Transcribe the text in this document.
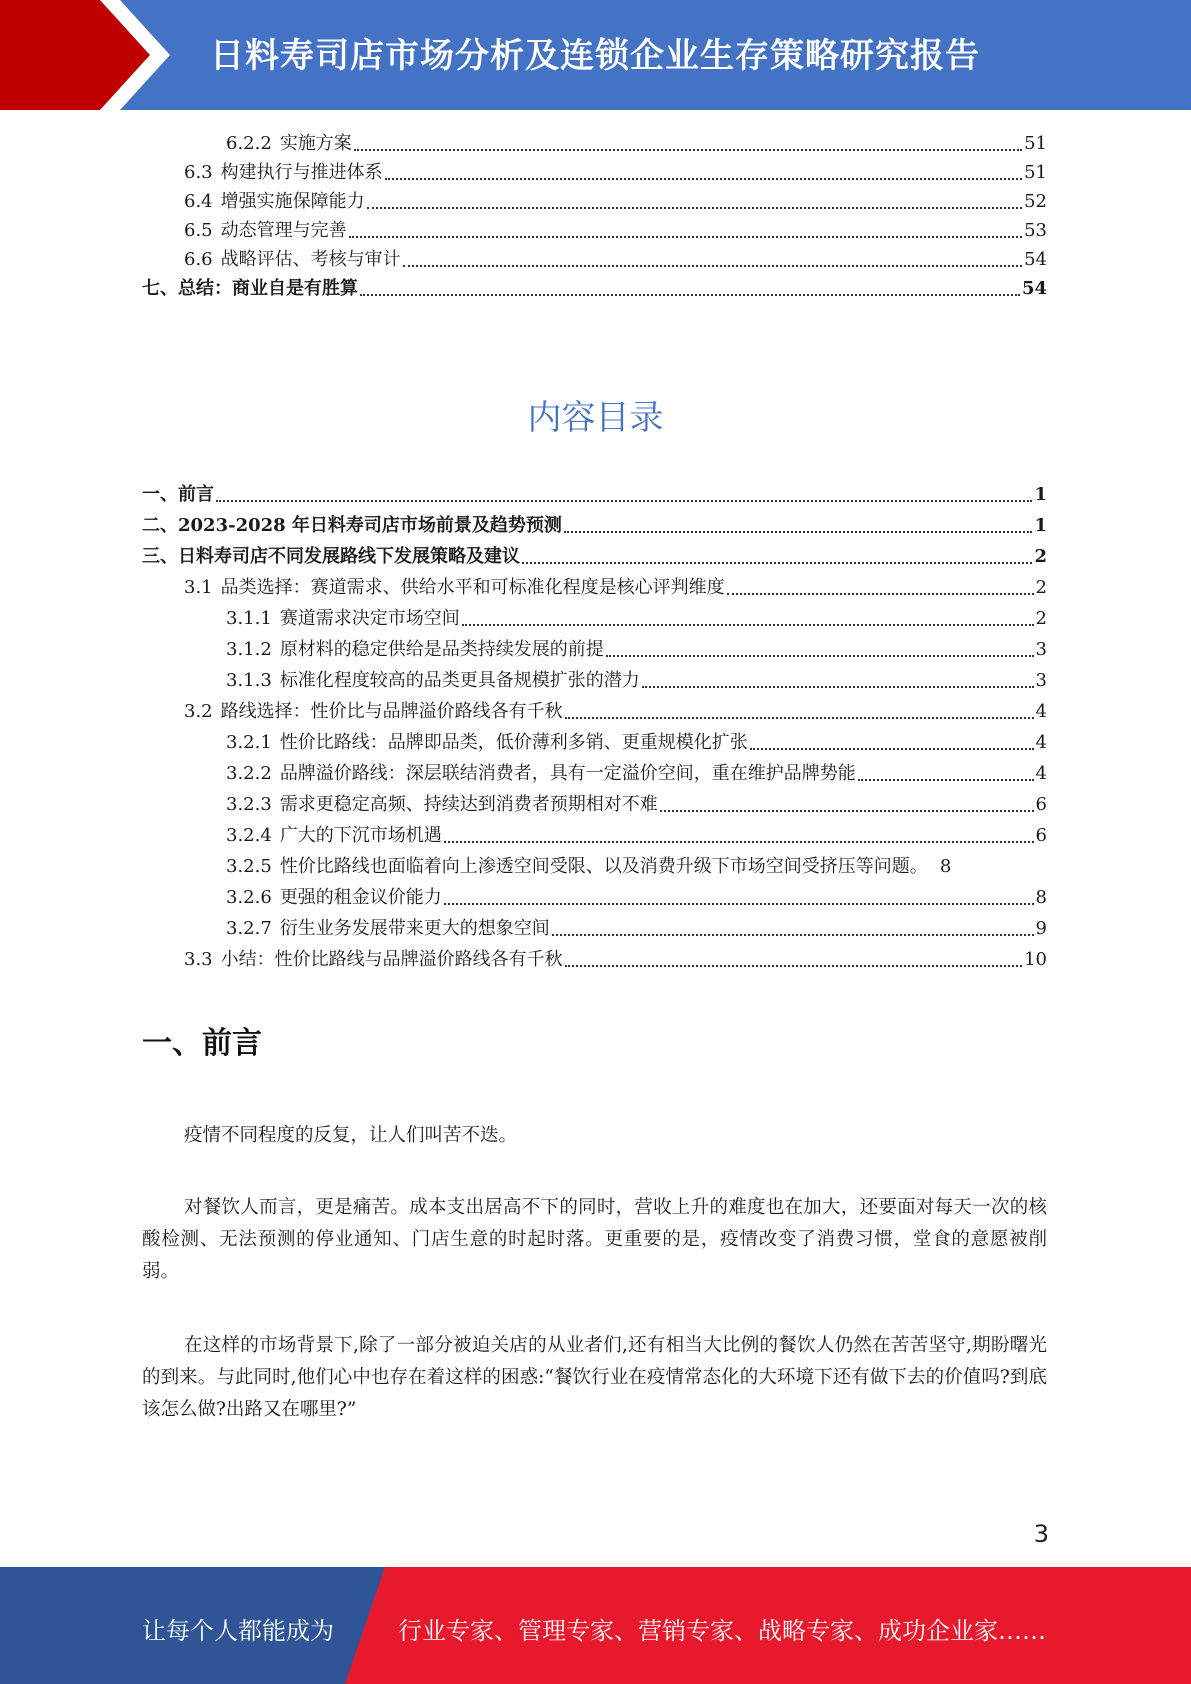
日料寿司店市场分析及连锁企业生存策略研究报告
6.2.2 实施方案	51
6.3 构建执行与推进体系	51
6.4 增强实施保障能力	52
6.5 动态管理与完善	53
6.6 战略评估、考核与审计	54
七、总结：商业自是有胜算	54
内容目录
一、前言	1
二、2023-2028 年日料寿司店市场前景及趋势预测	1
三、日料寿司店不同发展路线下发展策略及建议	2
3.1 品类选择：赛道需求、供给水平和可标准化程度是核心评判维度	2
3.1.1 赛道需求决定市场空间	2
3.1.2 原材料的稳定供给是品类持续发展的前提	3
3.1.3 标准化程度较高的品类更具备规模扩张的潜力	3
3.2 路线选择：性价比与品牌溢价路线各有千秋	4
3.2.1 性价比路线：品牌即品类，低价薄利多销、更重规模化扩张	4
3.2.2 品牌溢价路线：深层联结消费者，具有一定溢价空间，重在维护品牌势能	4
3.2.3 需求更稳定高频、持续达到消费者预期相对不难	6
3.2.4 广大的下沉市场机遇	6
3.2.5 性价比路线也面临着向上渗透空间受限、以及消费升级下市场空间受挤压等问题。 8
3.2.6 更强的租金议价能力	8
3.2.7 衍生业务发展带来更大的想象空间	9
3.3 小结：性价比路线与品牌溢价路线各有千秋	10
一、前言
疫情不同程度的反复，让人们叫苦不迭。
对餐饮人而言，更是痛苦。成本支出居高不下的同时，营收上升的难度也在加大，还要面对每天一次的核酸检测、无法预测的停业通知、门店生意的时起时落。更重要的是，疫情改变了消费习惯，堂食的意愿被削弱。
在这样的市场背景下,除了一部分被迫关店的从业者们,还有相当大比例的餐饮人仍然在苦苦坚守,期盼曙光的到来。与此同时,他们心中也存在着这样的困惑:“餐饮行业在疫情常态化的大环境下还有做下去的价值吗?到底该怎么做?出路又在哪里?”
3
让每个人都能成为	行业专家、管理专家、营销专家、战略专家、成功企业家……
